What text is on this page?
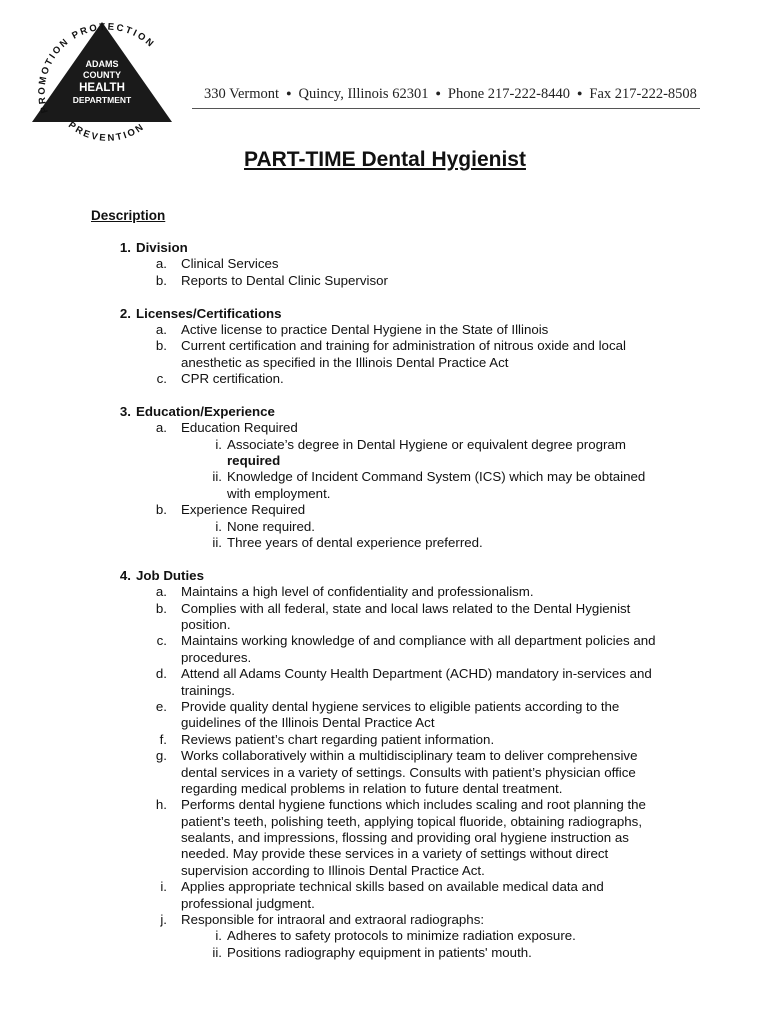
PROMOTION PROTECTION
PREVENTION
ADAMS
COUNTY
HEALTH
DEPARTMENT	330 Vermont ● Quincy, Illinois 62301 ● Phone 217-222-8440 ● Fax 217-222-8508
PART-TIME Dental Hygienist
Description
1. Division
a. Clinical Services
b. Reports to Dental Clinic Supervisor
2. Licenses/Certifications
a. Active license to practice Dental Hygiene in the State of Illinois
b. Current certification and training for administration of nitrous oxide and local
anesthetic as specified in the Illinois Dental Practice Act
c. CPR certification.
3. Education/Experience
a. Education Required
i. Associate’s degree in Dental Hygiene or equivalent degree program
required
ii. Knowledge of Incident Command System (ICS) which may be obtained
with employment.
b. Experience Required
i. None required.
ii. Three years of dental experience preferred.
4. Job Duties
a. Maintains a high level of confidentiality and professionalism.
b. Complies with all federal, state and local laws related to the Dental Hygienist
position.
c. Maintains working knowledge of and compliance with all department policies and
procedures.
d. Attend all Adams County Health Department (ACHD) mandatory in-services and
trainings.
e. Provide quality dental hygiene services to eligible patients according to the
guidelines of the Illinois Dental Practice Act
f. Reviews patient’s chart regarding patient information.
g. Works collaboratively within a multidisciplinary team to deliver comprehensive
dental services in a variety of settings. Consults with patient’s physician office
regarding medical problems in relation to future dental treatment.
h. Performs dental hygiene functions which includes scaling and root planning the
patient’s teeth, polishing teeth, applying topical fluoride, obtaining radiographs,
sealants, and impressions, flossing and providing oral hygiene instruction as
needed. May provide these services in a variety of settings without direct
supervision according to Illinois Dental Practice Act.
i. Applies appropriate technical skills based on available medical data and
professional judgment.
j. Responsible for intraoral and extraoral radiographs:
i. Adheres to safety protocols to minimize radiation exposure.
ii. Positions radiography equipment in patients' mouth.
